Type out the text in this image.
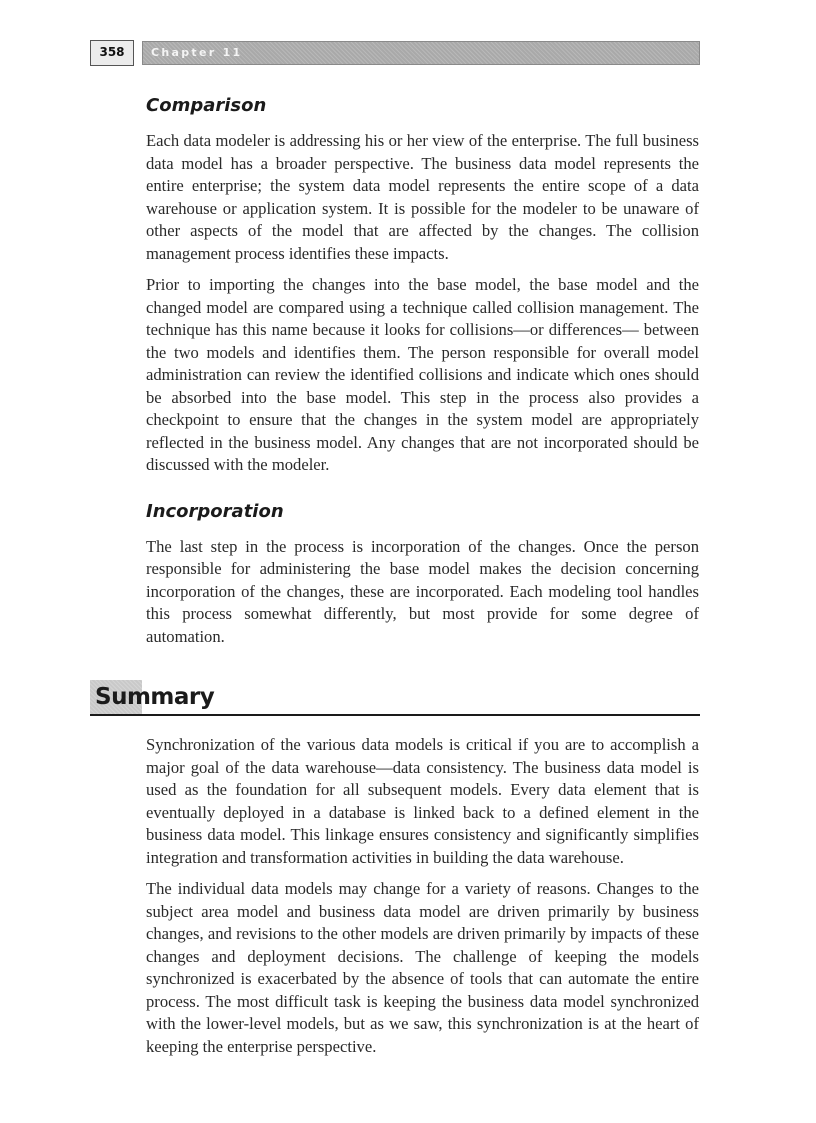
358	Chapter 11
Comparison

Each data modeler is addressing his or her view of the enterprise. The full business data model has a broader perspective. The business data model represents the entire enterprise; the system data model represents the entire scope of a data warehouse or application system. It is possible for the modeler to be unaware of other aspects of the model that are affected by the changes. The collision management process identifies these impacts.

Prior to importing the changes into the base model, the base model and the changed model are compared using a technique called collision management. The technique has this name because it looks for collisions—or differences— between the two models and identifies them. The person responsible for overall model administration can review the identified collisions and indicate which ones should be absorbed into the base model. This step in the process also provides a checkpoint to ensure that the changes in the system model are appropriately reflected in the business model. Any changes that are not incorporated should be discussed with the modeler.

Incorporation

The last step in the process is incorporation of the changes. Once the person responsible for administering the base model makes the decision concerning incorporation of the changes, these are incorporated. Each modeling tool handles this process somewhat differently, but most provide for some degree of automation.

Summary

Synchronization of the various data models is critical if you are to accomplish a major goal of the data warehouse—data consistency. The business data model is used as the foundation for all subsequent models. Every data element that is eventually deployed in a database is linked back to a defined element in the business data model. This linkage ensures consistency and significantly simplifies integration and transformation activities in building the data warehouse.

The individual data models may change for a variety of reasons. Changes to the subject area model and business data model are driven primarily by business changes, and revisions to the other models are driven primarily by impacts of these changes and deployment decisions. The challenge of keeping the models synchronized is exacerbated by the absence of tools that can automate the entire process. The most difficult task is keeping the business data model synchronized with the lower-level models, but as we saw, this synchronization is at the heart of keeping the enterprise perspective.
